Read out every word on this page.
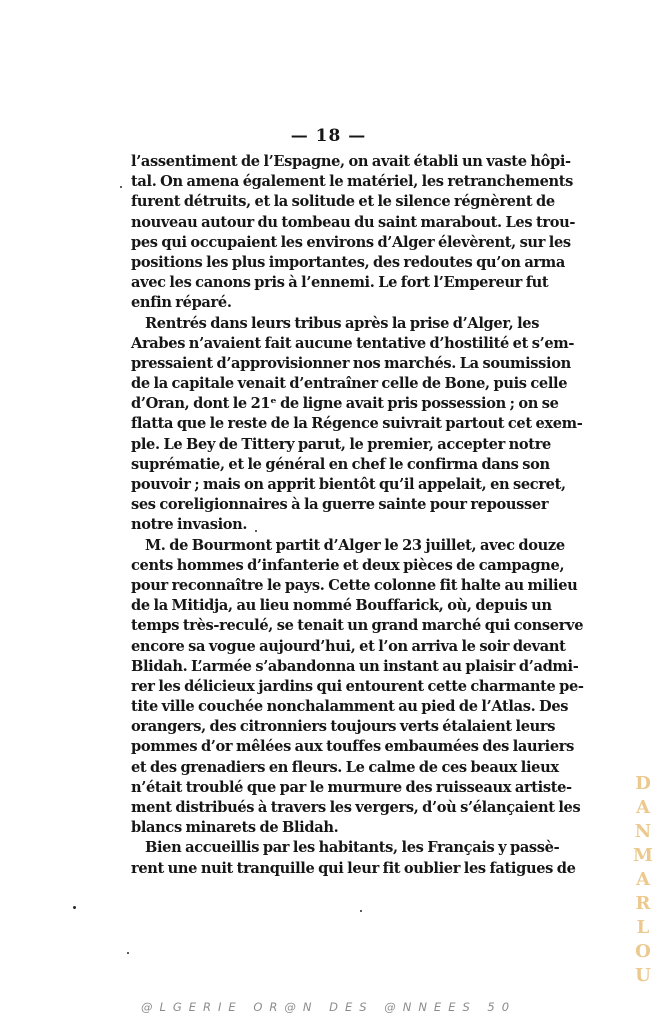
— 18 —
l’assentiment de l’Espagne, on avait établi un vaste hôpi-
tal. On amena également le matériel, les retranchements
furent détruits, et la solitude et le silence régnèrent de
nouveau autour du tombeau du saint marabout. Les trou-
pes qui occupaient les environs d’Alger élevèrent, sur les
positions les plus importantes, des redoutes qu’on arma
avec les canons pris à l’ennemi. Le fort l’Empereur fut
enfin réparé.
Rentrés dans leurs tribus après la prise d’Alger, les
Arabes n’avaient fait aucune tentative d’hostilité et s’em-
pressaient d’approvisionner nos marchés. La soumission
de la capitale venait d’entraîner celle de Bone, puis celle
d’Oran, dont le 21ᵉ de ligne avait pris possession ; on se
flatta que le reste de la Régence suivrait partout cet exem-
ple. Le Bey de Tittery parut, le premier, accepter notre
suprématie, et le général en chef le confirma dans son
pouvoir ; mais on apprit bientôt qu’il appelait, en secret,
ses coreligionnaires à la guerre sainte pour repousser
notre invasion.
M. de Bourmont partit d’Alger le 23 juillet, avec douze
cents hommes d’infanterie et deux pièces de campagne,
pour reconnaître le pays. Cette colonne fit halte au milieu
de la Mitidja, au lieu nommé Bouffarick, où, depuis un
temps très-reculé, se tenait un grand marché qui conserve
encore sa vogue aujourd’hui, et l’on arriva le soir devant
Blidah. L’armée s’abandonna un instant au plaisir d’admi-
rer les délicieux jardins qui entourent cette charmante pe-
tite ville couchée nonchalamment au pied de l’Atlas. Des
orangers, des citronniers toujours verts étalaient leurs
pommes d’or mêlées aux touffes embaumées des lauriers
et des grenadiers en fleurs. Le calme de ces beaux lieux
n’était troublé que par le murmure des ruisseaux artiste-
ment distribués à travers les vergers, d’où s’élançaient les
blancs minarets de Blidah.
Bien accueillis par les habitants, les Français y passè-
rent une nuit tranquille qui leur fit oublier les fatigues de
D
A
N
M
A
R
L
O
U
@LGERIE OR@N DES @NNEES 50
